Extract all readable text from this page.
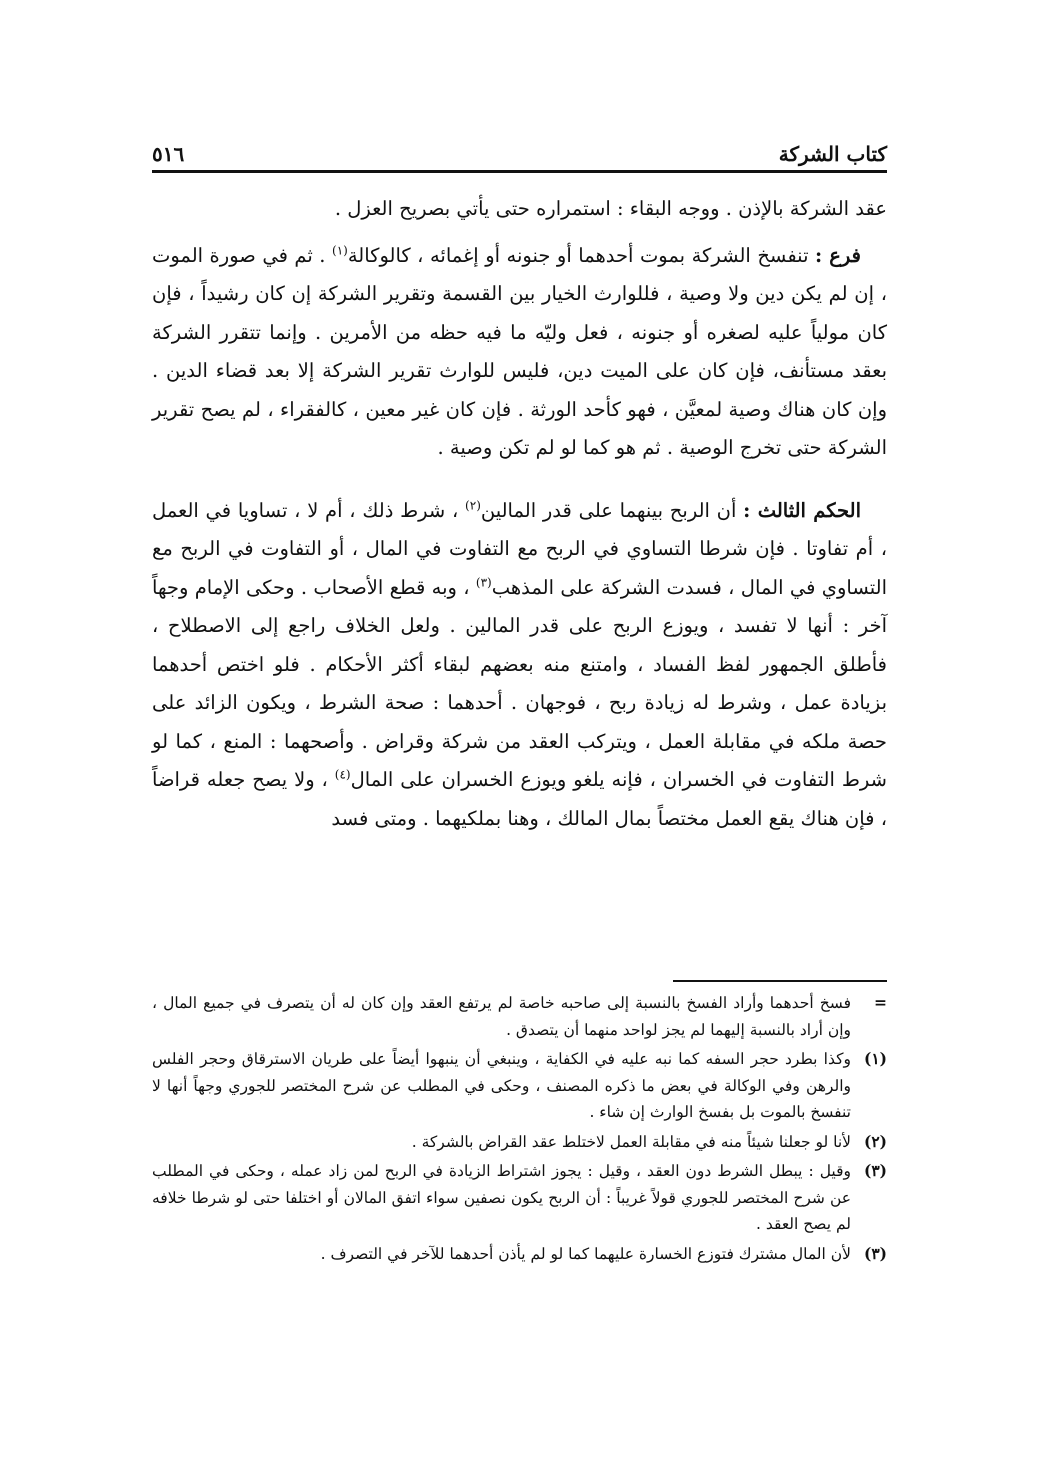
كتاب الشركة
٥١٦

عقد الشركة بالإذن . ووجه البقاء : استمراره حتى يأتي بصريح العزل .

فرع : تنفسخ الشركة بموت أحدهما أو جنونه أو إغمائه ، كالوكالة$^{(١)}$ . ثم في صورة الموت ، إن لم يكن دين ولا وصية ، فللوارث الخيار بين القسمة وتقرير الشركة إن كان رشيداً ، فإن كان مولياً عليه لصغره أو جنونه ، فعل وليّه ما فيه حظه من الأمرين . وإنما تتقرر الشركة بعقد مستأنف، فإن كان على الميت دين، فليس للوارث تقرير الشركة إلا بعد قضاء الدين . وإن كان هناك وصية لمعيَّن ، فهو كأحد الورثة . فإن كان غير معين ، كالفقراء ، لم يصح تقرير الشركة حتى تخرج الوصية . ثم هو كما لو لم تكن وصية .

الحكم الثالث : أن الربح بينهما على قدر المالين$^{(٢)}$ ، شرط ذلك ، أم لا ، تساويا في العمل ، أم تفاوتا . فإن شرطا التساوي في الربح مع التفاوت في المال ، أو التفاوت في الربح مع التساوي في المال ، فسدت الشركة على المذهب$^{(٣)}$ ، وبه قطع الأصحاب . وحكى الإمام وجهاً آخر : أنها لا تفسد ، ويوزع الربح على قدر المالين . ولعل الخلاف راجع إلى الاصطلاح ، فأطلق الجمهور لفظ الفساد ، وامتنع منه بعضهم لبقاء أكثر الأحكام . فلو اختص أحدهما بزيادة عمل ، وشرط له زيادة ربح ، فوجهان . أحدهما : صحة الشرط ، ويكون الزائد على حصة ملكه في مقابلة العمل ، ويتركب العقد من شركة وقراض . وأصحهما : المنع ، كما لو شرط التفاوت في الخسران ، فإنه يلغو ويوزع الخسران على المال$^{(٤)}$ ، ولا يصح جعله قراضاً ، فإن هناك يقع العمل مختصاً بمال المالك ، وهنا بملكيهما . ومتى فسد

=
فسخ أحدهما وأراد الفسخ بالنسبة إلى صاحبه خاصة لم يرتفع العقد وإن كان له أن يتصرف في جميع المال ، وإن أراد بالنسبة إليهما لم يجز لواحد منهما أن يتصدق .
(١)
وكذا بطرد حجر السفه كما نبه عليه في الكفاية ، وينبغي أن ينبهوا أيضاً على طريان الاسترقاق وحجر الفلس والرهن وفي الوكالة في بعض ما ذكره المصنف ، وحكى في المطلب عن شرح المختصر للجوري وجهاً أنها لا تنفسخ بالموت بل بفسخ الوارث إن شاء .
(٢)
لأنا لو جعلنا شيئاً منه في مقابلة العمل لاختلط عقد القراض بالشركة .
(٣)
وقيل : يبطل الشرط دون العقد ، وقيل : يجوز اشتراط الزيادة في الربح لمن زاد عمله ، وحكى في المطلب عن شرح المختصر للجوري قولاً غريباً : أن الربح يكون نصفين سواء اتفق المالان أو اختلفا حتى لو شرطا خلافه لم يصح العقد .
(٣)
لأن المال مشترك فتوزع الخسارة عليهما كما لو لم يأذن أحدهما للآخر في التصرف .
